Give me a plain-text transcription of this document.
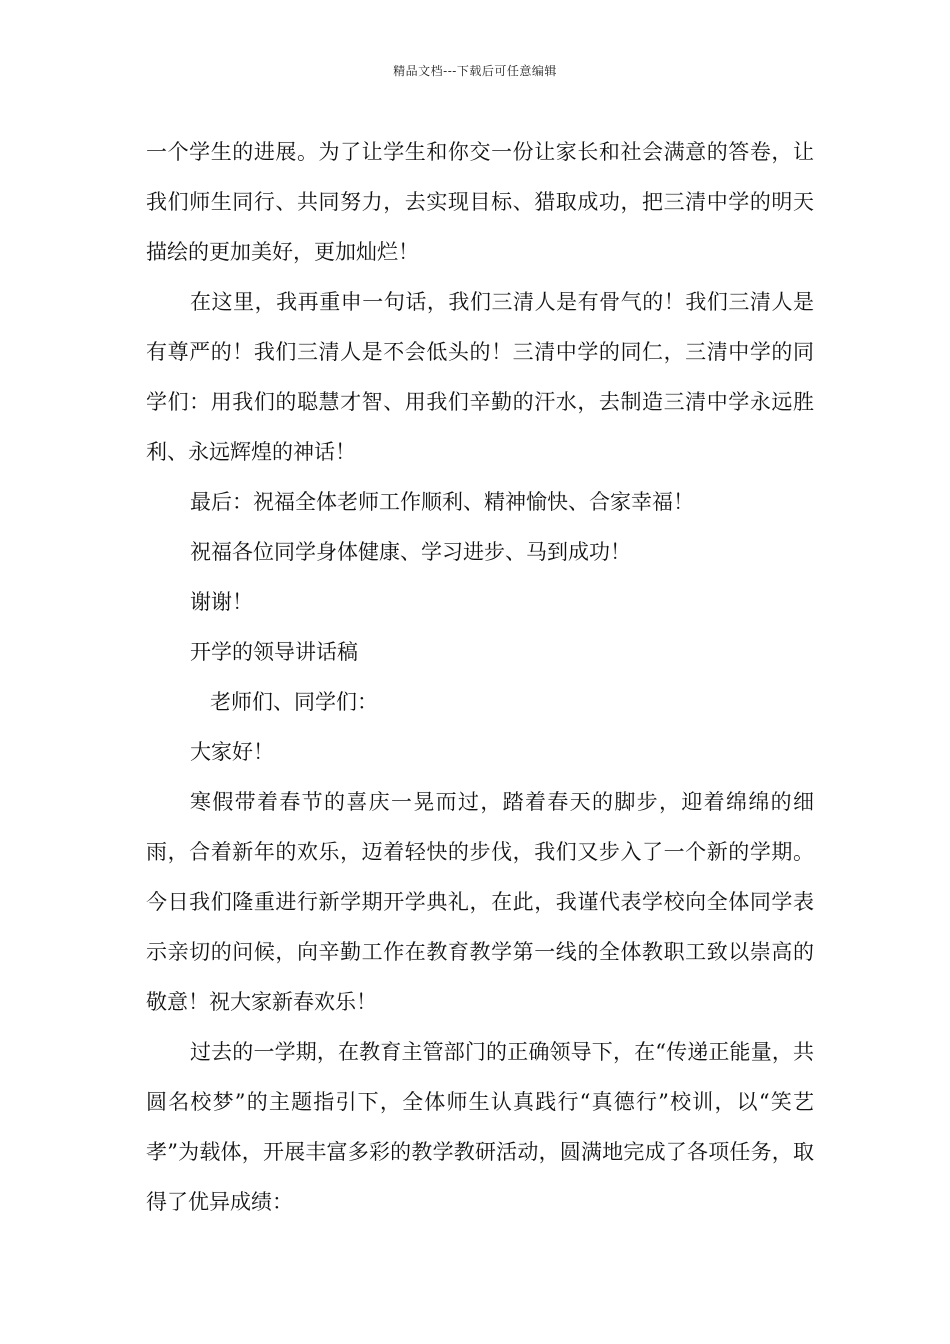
精品文档---下载后可任意编辑

一个学生的进展。为了让学生和你交一份让家长和社会满意的答卷，让我们师生同行、共同努力，去实现目标、猎取成功，把三清中学的明天描绘的更加美好，更加灿烂！

在这里，我再重申一句话，我们三清人是有骨气的！我们三清人是有尊严的！我们三清人是不会低头的！三清中学的同仁，三清中学的同学们：用我们的聪慧才智、用我们辛勤的汗水，去制造三清中学永远胜利、永远辉煌的神话！

最后：祝福全体老师工作顺利、精神愉快、合家幸福！

祝福各位同学身体健康、学习进步、马到成功！

谢谢！

开学的领导讲话稿

老师们、同学们：

大家好！

寒假带着春节的喜庆一晃而过，踏着春天的脚步，迎着绵绵的细雨，合着新年的欢乐，迈着轻快的步伐，我们又步入了一个新的学期。今日我们隆重进行新学期开学典礼，在此，我谨代表学校向全体同学表示亲切的问候，向辛勤工作在教育教学第一线的全体教职工致以崇高的敬意！祝大家新春欢乐！

过去的一学期，在教育主管部门的正确领导下，在“传递正能量，共圆名校梦”的主题指引下，全体师生认真践行“真德行”校训，以“笑艺孝”为载体，开展丰富多彩的教学教研活动，圆满地完成了各项任务，取得了优异成绩：
